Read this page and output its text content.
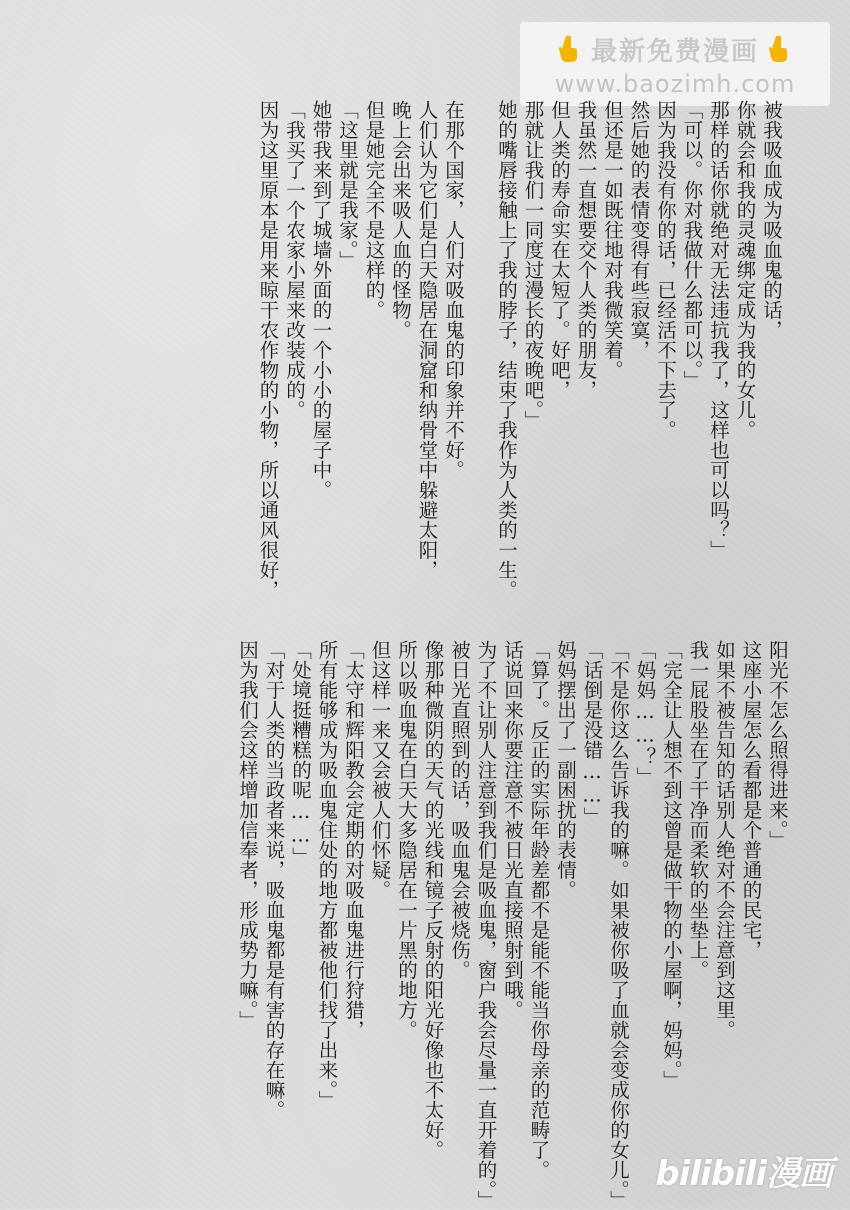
最新免费漫画
www.baozimh.com
被我吸血成为吸血鬼的话，
你就会和我的灵魂绑定成为我的女儿。
那样的话你就绝对无法违抗我了，这样也可以吗？」
「可以。你对我做什么都可以。」
因为我没有你的话，已经活不下去了。
然后她的表情变得有些寂寞，
但还是一如既往地对我微笑着。
我虽然一直想要交个人类的朋友，
但人类的寿命实在太短了。好吧，
那就让我们一同度过漫长的夜晚吧。」
她的嘴唇接触上了我的脖子，结束了我作为人类的一生。

在那个国家，人们对吸血鬼的印象并不好。
人们认为它们是白天隐居在洞窟和纳骨堂中躲避太阳，
晚上会出来吸人血的怪物。
但是她完全不是这样的。
「这里就是我家。」
她带我来到了城墙外面的一个小小的屋子中。
「我买了一个农家小屋来改装成的。
因为这里原本是用来晾干农作物的小物，所以通风很好，
阳光不怎么照得进来。」
这座小屋怎么看都是个普通的民宅，
如果不被告知的话别人绝对不会注意到这里。
我一屁股坐在了干净而柔软的坐垫上。
「完全让人想不到这曾是做干物的小屋啊，妈妈。」
「妈妈……？」
「不是你这么告诉我的嘛。如果被你吸了血就会变成你的女儿。」
「话倒是没错……」
妈妈摆出了一副困扰的表情。
「算了。反正的实际年龄差都不是能不能当你母亲的范畴了。
话说回来你要注意不被日光直接照射到哦。
为了不让别人注意到我们是吸血鬼，窗户我会尽量一直开着的。」
被日光直照到的话，吸血鬼会被烧伤。
像那种微阴的天气的光线和镜子反射的阳光好像也不太好。
所以吸血鬼在白天大多隐居在一片黑的地方。
但这样一来又会被人们怀疑。
「太守和辉阳教会定期的对吸血鬼进行狩猎，
所有能够成为吸血鬼住处的地方都被他们找了出来。」
「处境挺糟糕的呢……」
「对于人类的当政者来说，吸血鬼都是有害的存在嘛。
因为我们会这样增加信奉者，形成势力嘛。」
bilibili漫画
